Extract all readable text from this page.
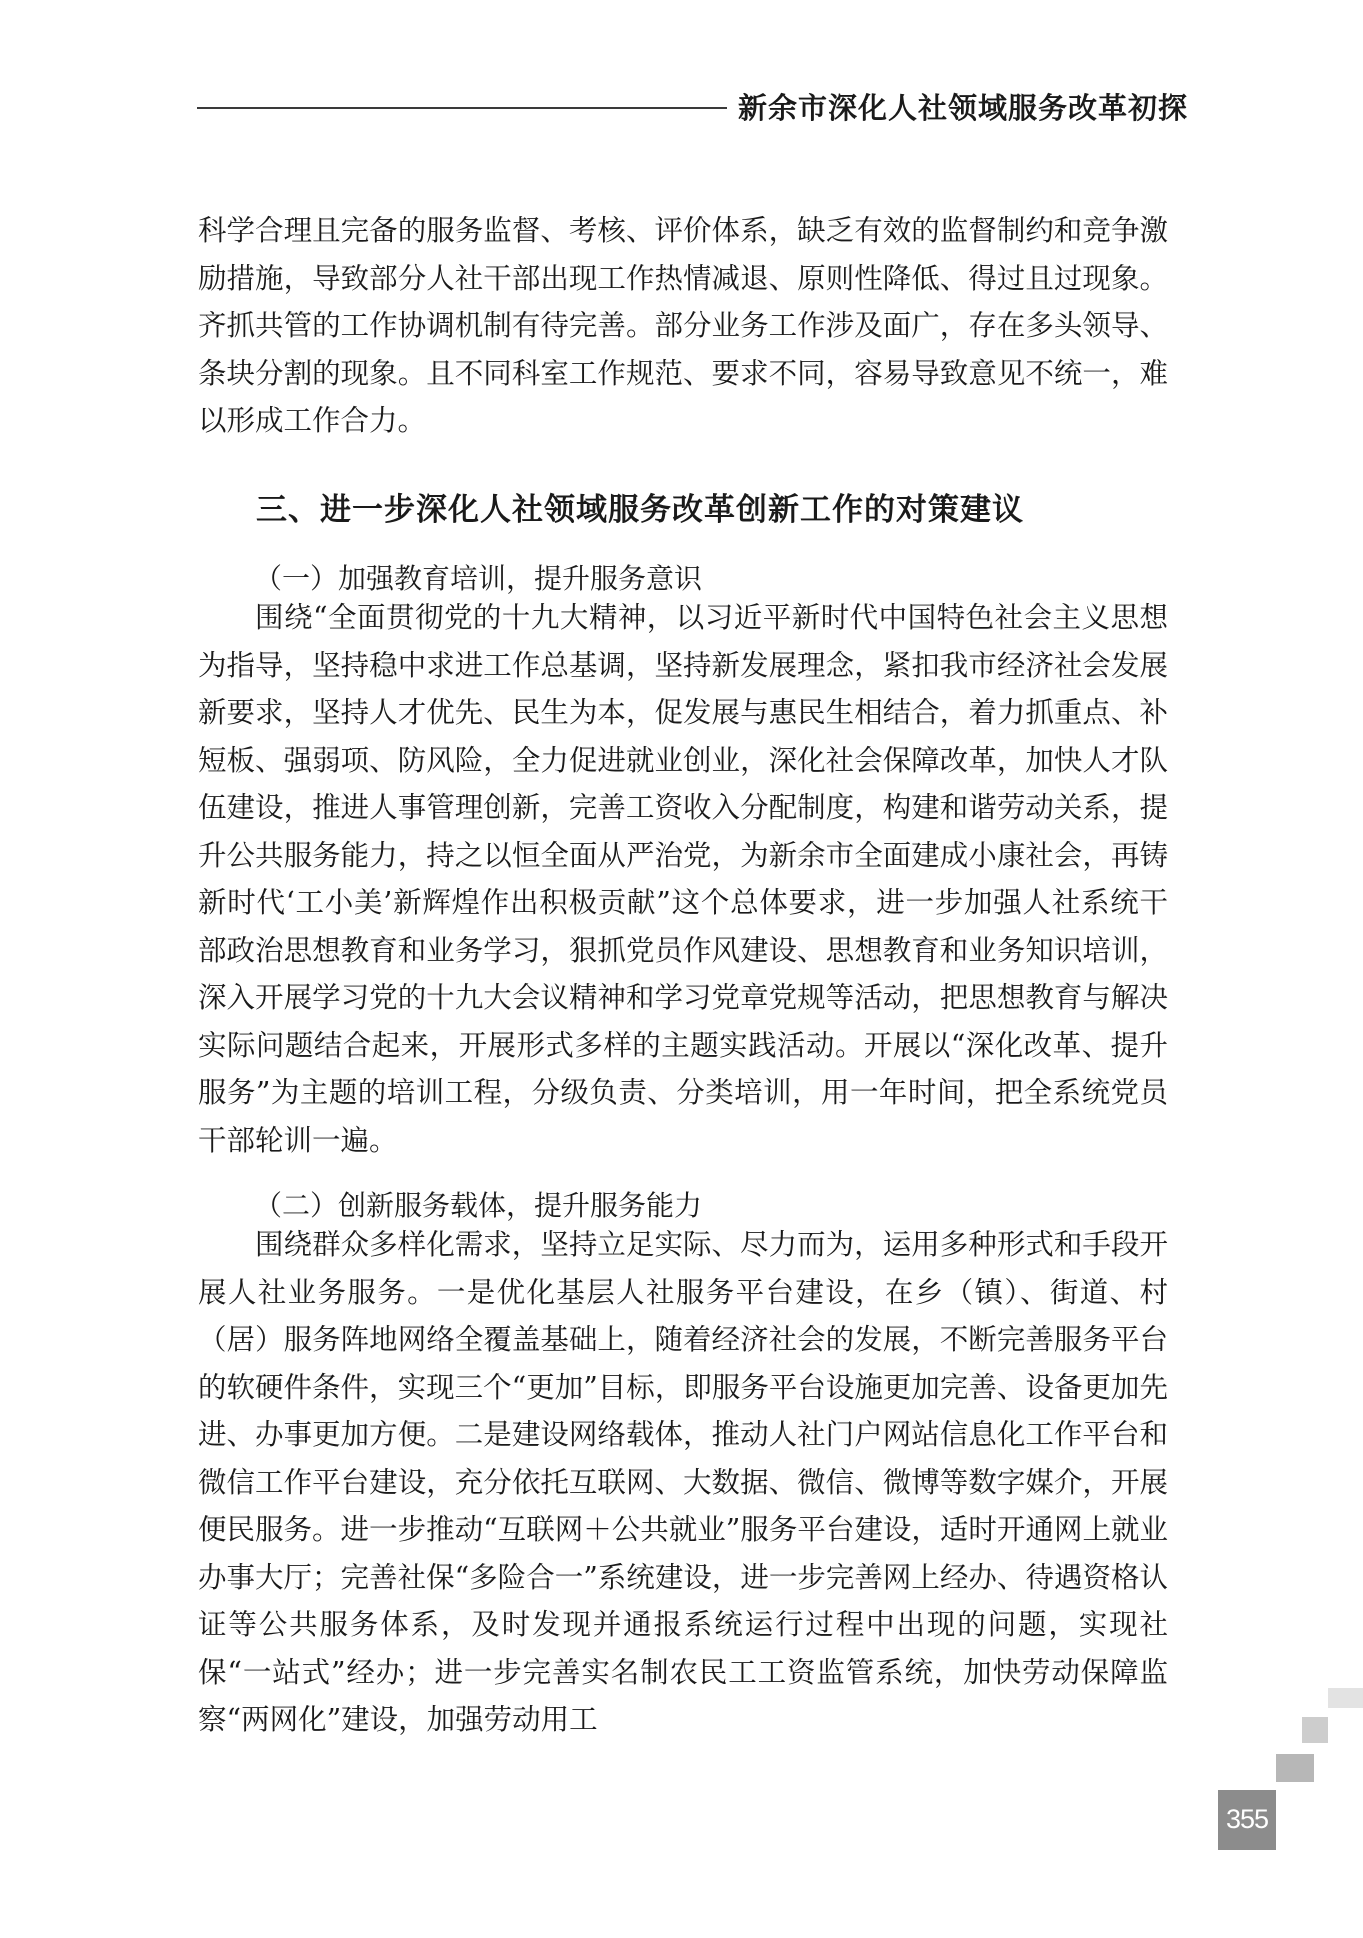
新余市深化人社领域服务改革初探

科学合理且完备的服务监督、考核、评价体系，缺乏有效的监督制约和竞争激励措施，导致部分人社干部出现工作热情减退、原则性降低、得过且过现象。齐抓共管的工作协调机制有待完善。部分业务工作涉及面广，存在多头领导、条块分割的现象。且不同科室工作规范、要求不同，容易导致意见不统一，难以形成工作合力。

三、进一步深化人社领域服务改革创新工作的对策建议
（一）加强教育培训，提升服务意识

围绕“全面贯彻党的十九大精神，以习近平新时代中国特色社会主义思想为指导，坚持稳中求进工作总基调，坚持新发展理念，紧扣我市经济社会发展新要求，坚持人才优先、民生为本，促发展与惠民生相结合，着力抓重点、补短板、强弱项、防风险，全力促进就业创业，深化社会保障改革，加快人才队伍建设，推进人事管理创新，完善工资收入分配制度，构建和谐劳动关系，提升公共服务能力，持之以恒全面从严治党，为新余市全面建成小康社会，再铸新时代‘工小美’新辉煌作出积极贡献”这个总体要求，进一步加强人社系统干部政治思想教育和业务学习，狠抓党员作风建设、思想教育和业务知识培训，深入开展学习党的十九大会议精神和学习党章党规等活动，把思想教育与解决实际问题结合起来，开展形式多样的主题实践活动。开展以“深化改革、提升服务”为主题的培训工程，分级负责、分类培训，用一年时间，把全系统党员干部轮训一遍。

（二）创新服务载体，提升服务能力

围绕群众多样化需求，坚持立足实际、尽力而为，运用多种形式和手段开展人社业务服务。一是优化基层人社服务平台建设，在乡（镇）、街道、村（居）服务阵地网络全覆盖基础上，随着经济社会的发展，不断完善服务平台的软硬件条件，实现三个“更加”目标，即服务平台设施更加完善、设备更加先进、办事更加方便。二是建设网络载体，推动人社门户网站信息化工作平台和微信工作平台建设，充分依托互联网、大数据、微信、微博等数字媒介，开展便民服务。进一步推动“互联网＋公共就业”服务平台建设，适时开通网上就业办事大厅；完善社保“多险合一”系统建设，进一步完善网上经办、待遇资格认证等公共服务体系，及时发现并通报系统运行过程中出现的问题，实现社保“一站式”经办；进一步完善实名制农民工工资监管系统，加快劳动保障监察“两网化”建设，加强劳动用工

355
